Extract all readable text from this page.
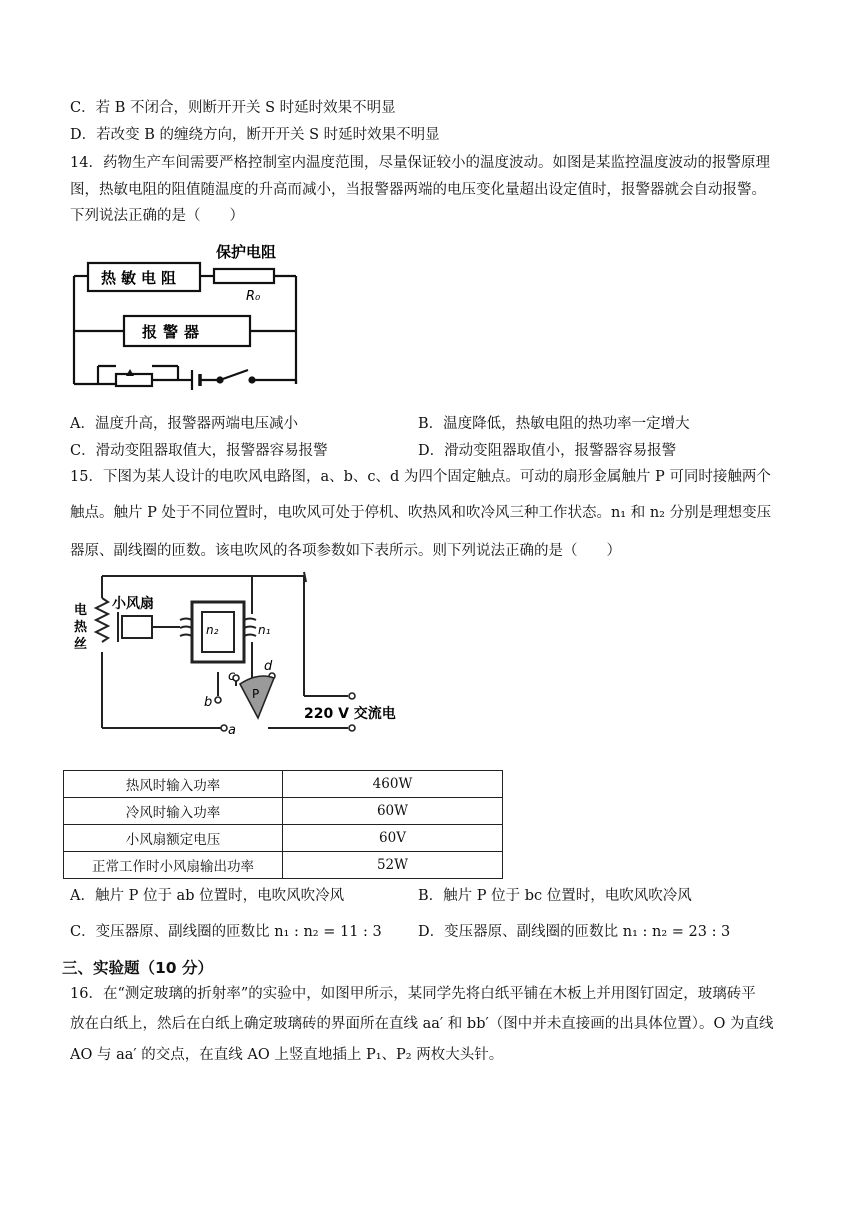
C．若 B 不闭合，则断开开关 S 时延时效果不明显
D．若改变 B 的缠绕方向，断开开关 S 时延时效果不明显
14．药物生产车间需要严格控制室内温度范围，尽量保证较小的温度波动。如图是某监控温度波动的报警原理
图，热敏电阻的阻值随温度的升高而减小，当报警器两端的电压变化量超出设定值时，报警器就会自动报警。
下列说法正确的是（　　）
保护电阻
热敏电阻
R₀
报警器
A．温度升高，报警器两端电压减小	B．温度降低，热敏电阻的热功率一定增大
C．滑动变阻器取值大，报警器容易报警	D．滑动变阻器取值小，报警器容易报警
15．下图为某人设计的电吹风电路图，a、b、c、d 为四个固定触点。可动的扇形金属触片 P 可同时接触两个
触点。触片 P 处于不同位置时，电吹风可处于停机、吹热风和吹冷风三种工作状态。n₁ 和 n₂ 分别是理想变压
器原、副线圈的匝数。该电吹风的各项参数如下表所示。则下列说法正确的是（　　）
电
热
丝
小风扇
n₂	n₁
d
c
b
a
P
220 V 交流电
热风时输入功率	460W
冷风时输入功率	60W
小风扇额定电压	60V
正常工作时小风扇输出功率	52W
A．触片 P 位于 ab 位置时，电吹风吹冷风	B．触片 P 位于 bc 位置时，电吹风吹冷风
C．变压器原、副线圈的匝数比 n₁ : n₂ = 11 : 3 D．变压器原、副线圈的匝数比 n₁ : n₂ = 23 : 3
三、实验题（10 分）
16．在“测定玻璃的折射率”的实验中，如图甲所示，某同学先将白纸平铺在木板上并用图钉固定，玻璃砖平
放在白纸上，然后在白纸上确定玻璃砖的界面所在直线 aa′ 和 bb′（图中并未直接画的出具体位置）。O 为直线
AO 与 aa′ 的交点，在直线 AO 上竖直地插上 P₁、P₂ 两枚大头针。
